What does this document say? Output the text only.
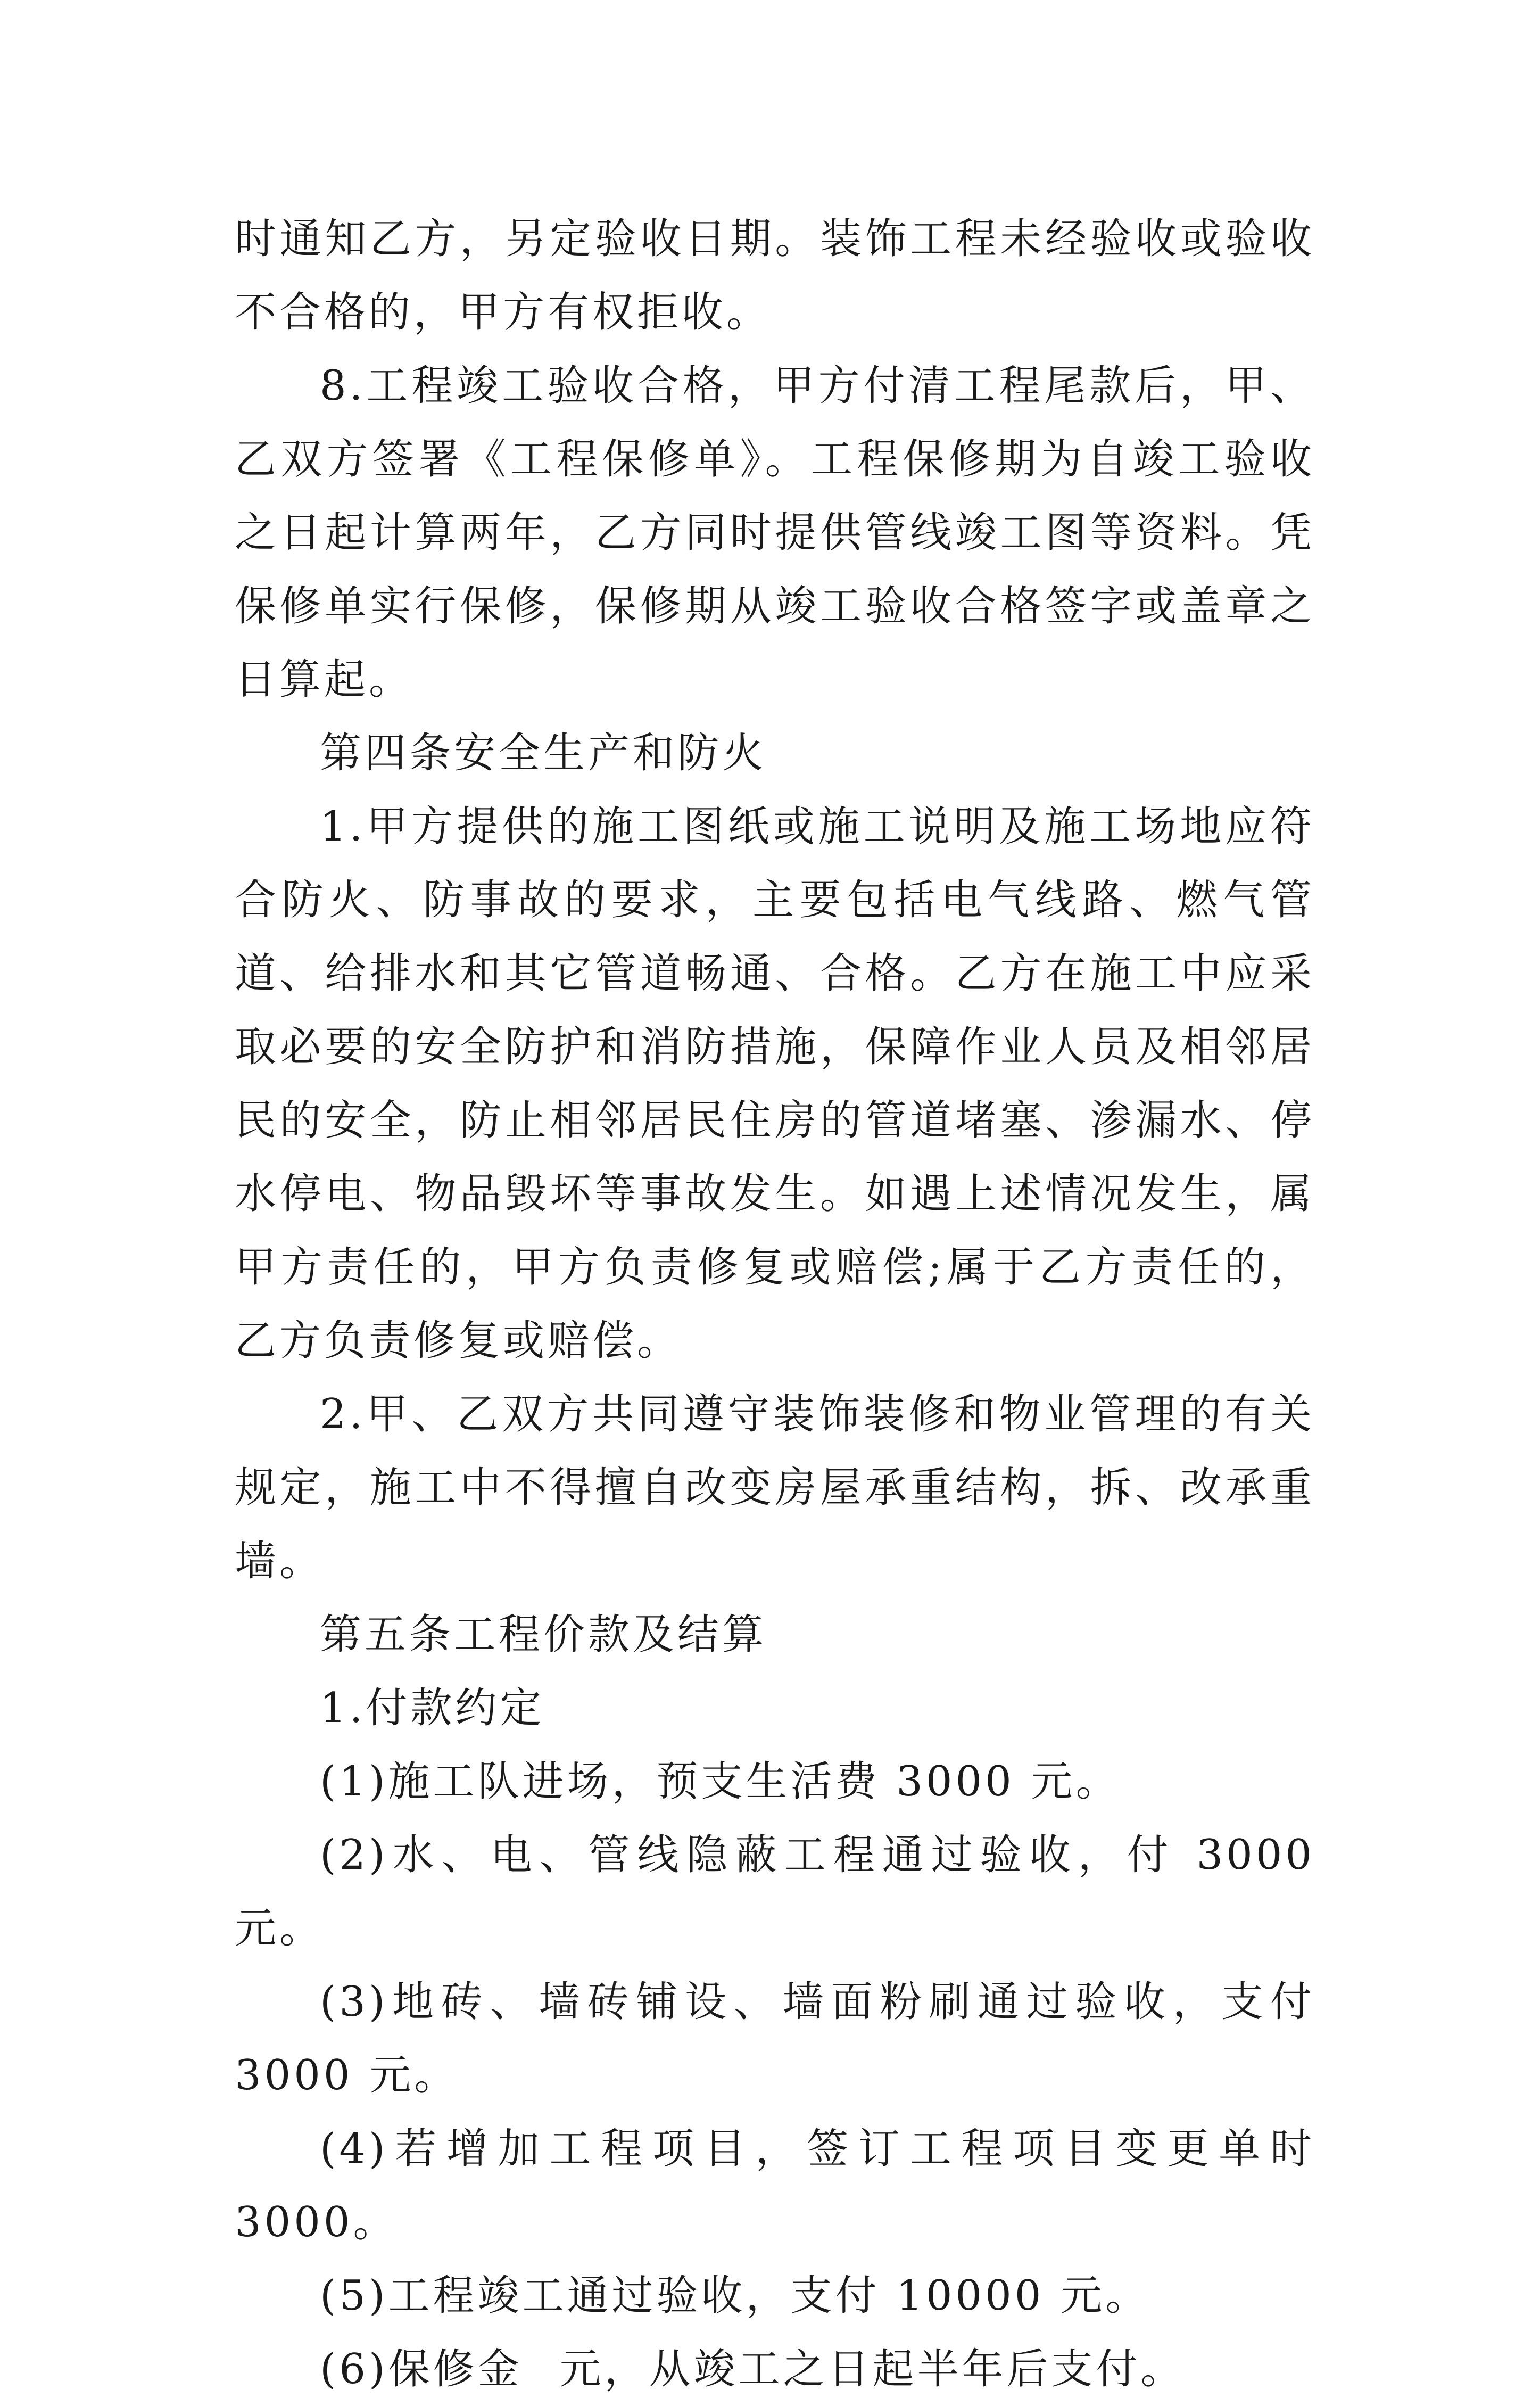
时通知乙方，另定验收日期。装饰工程未经验收或验收不合格的，甲方有权拒收。

8.工程竣工验收合格，甲方付清工程尾款后，甲、乙双方签署《工程保修单》。工程保修期为自竣工验收之日起计算两年，乙方同时提供管线竣工图等资料。凭保修单实行保修，保修期从竣工验收合格签字或盖章之日算起。

第四条安全生产和防火

1.甲方提供的施工图纸或施工说明及施工场地应符合防火、防事故的要求，主要包括电气线路、燃气管道、给排水和其它管道畅通、合格。乙方在施工中应采取必要的安全防护和消防措施，保障作业人员及相邻居民的安全，防止相邻居民住房的管道堵塞、渗漏水、停水停电、物品毁坏等事故发生。如遇上述情况发生，属甲方责任的，甲方负责修复或赔偿;属于乙方责任的，乙方负责修复或赔偿。

2.甲、乙双方共同遵守装饰装修和物业管理的有关规定，施工中不得擅自改变房屋承重结构，拆、改承重墙。

第五条工程价款及结算

1.付款约定

(1)施工队进场，预支生活费 3000 元。

(2)水、电、管线隐蔽工程通过验收，付 3000 元。

(3)地砖、墙砖铺设、墙面粉刷通过验收，支付 3000 元。

(4)若增加工程项目，签订工程项目变更单时 3000。

(5)工程竣工通过验收，支付 10000 元。

(6)保修金 元，从竣工之日起半年后支付。
